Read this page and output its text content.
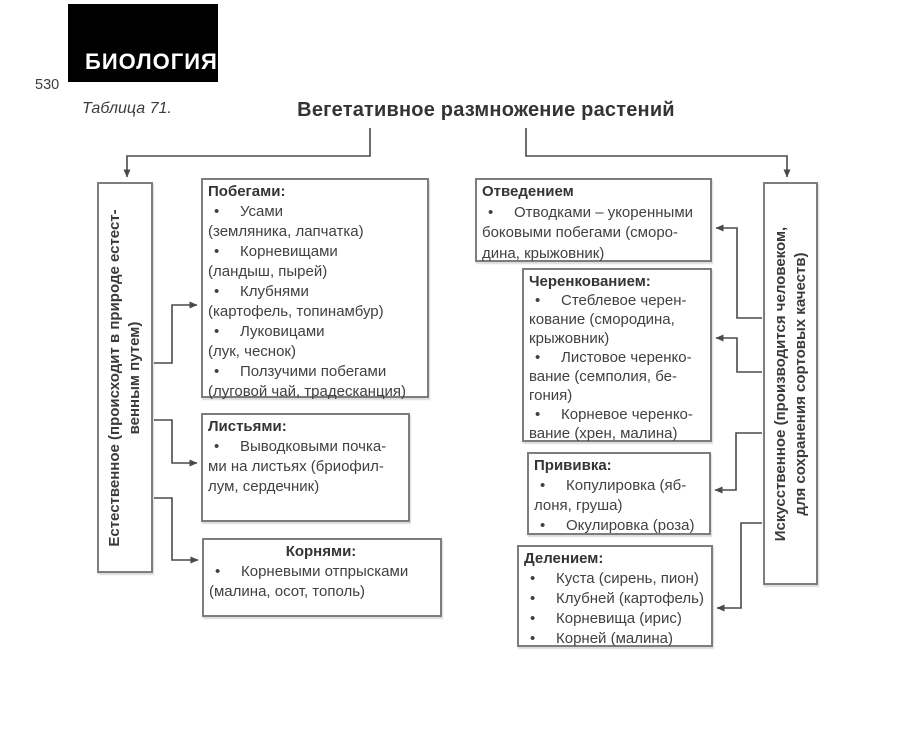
БИОЛОГИЯ
530
Таблица 71.	Вегетативное размножение растений
Естественное (происходит в природе естест- венным путем)	Искусственное (производится человеком, для сохранения сортовых качеств)
Побегами:
• Усами
(земляника, лапчатка)
• Корневищами
(ландыш, пырей)
• Клубнями
(картофель, топинамбур)
• Луковицами
(лук, чеснок)
• Ползучими побегами
(луговой чай, традесканция)
Листьями:
• Выводковыми почка-
ми на листьях (бриофил-
лум, сердечник)
Корнями:
• Корневыми отпрысками
(малина, осот, тополь)
Отведением
• Отводками – укоренными
боковыми побегами (сморо-
дина, крыжовник)
Черенкованием:
• Стеблевое черен-
кование (смородина,
крыжовник)
• Листовое черенко-
вание (семполия, бе-
гония)
• Корневое черенко-
вание (хрен, малина)
Прививка:
• Копулировка (яб-
лоня, груша)
• Окулировка (роза)
Делением:
• Куста (сирень, пион)
• Клубней (картофель)
• Корневища (ирис)
• Корней (малина)
